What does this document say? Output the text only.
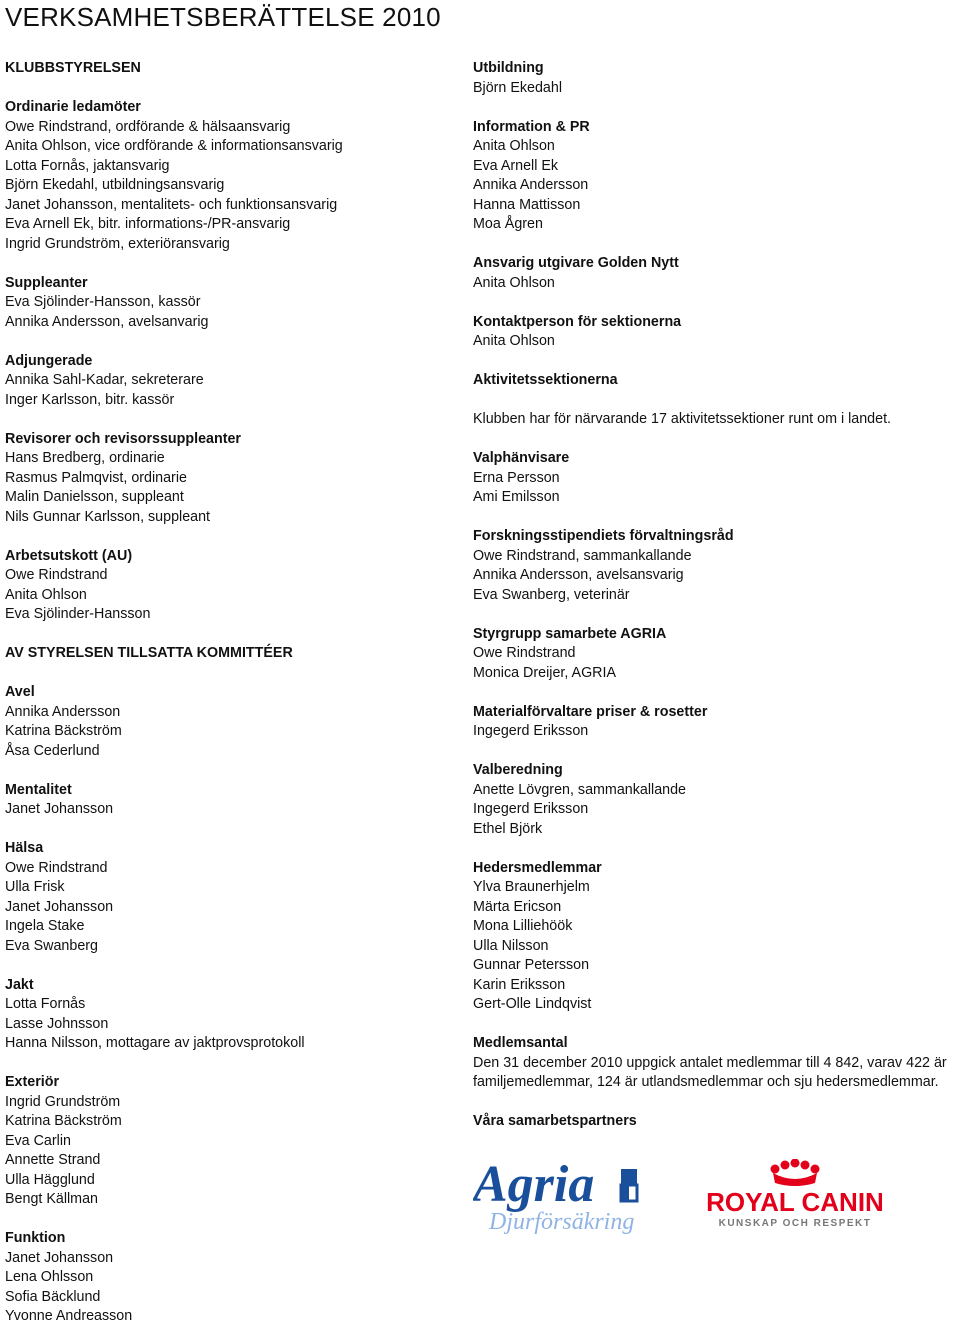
VERKSAMHETSBERÄTTELSE 2010
KLUBBSTYRELSEN
Ordinarie ledamöter
Owe Rindstrand, ordförande & hälsaansvarig
Anita Ohlson, vice ordförande & informationsansvarig
Lotta Fornås, jaktansvarig
Björn Ekedahl, utbildningsansvarig
Janet Johansson, mentalitets- och funktionsansvarig
Eva Arnell Ek, bitr. informations-/PR-ansvarig
Ingrid Grundström, exteriöransvarig
Suppleanter
Eva Sjölinder-Hansson, kassör
Annika Andersson, avelsanvarig
Adjungerade
Annika Sahl-Kadar, sekreterare
Inger Karlsson, bitr. kassör
Revisorer och revisorssuppleanter
Hans Bredberg, ordinarie
Rasmus Palmqvist, ordinarie
Malin Danielsson, suppleant
Nils Gunnar Karlsson, suppleant
Arbetsutskott (AU)
Owe Rindstrand
Anita Ohlson
Eva Sjölinder-Hansson
AV STYRELSEN TILLSATTA KOMMITTÉER
Avel
Annika Andersson
Katrina Bäckström
Åsa Cederlund
Mentalitet
Janet Johansson
Hälsa
Owe Rindstrand
Ulla Frisk
Janet Johansson
Ingela Stake
Eva Swanberg
Jakt
Lotta Fornås
Lasse Johnsson
Hanna Nilsson, mottagare av jaktprovsprotokoll
Exteriör
Ingrid Grundström
Katrina Bäckström
Eva Carlin
Annette Strand
Ulla Hägglund
Bengt Källman
Funktion
Janet Johansson
Lena Ohlsson
Sofia Bäcklund
Yvonne Andreasson
Utbildning
Björn Ekedahl
Information & PR
Anita Ohlson
Eva Arnell Ek
Annika Andersson
Hanna Mattisson
Moa Ågren
Ansvarig utgivare Golden Nytt
Anita Ohlson
Kontaktperson för sektionerna
Anita Ohlson
Aktivitetssektionerna
Klubben har för närvarande 17 aktivitetssektioner runt om i landet.
Valphänvisare
Erna Persson
Ami Emilsson
Forskningsstipendiets förvaltningsråd
Owe Rindstrand, sammankallande
Annika Andersson, avelsansvarig
Eva Swanberg, veterinär
Styrgrupp samarbete AGRIA
Owe Rindstrand
Monica Dreijer, AGRIA
Materialförvaltare priser & rosetter
Ingegerd Eriksson
Valberedning
Anette Lövgren, sammankallande
Ingegerd Eriksson
Ethel Björk
Hedersmedlemmar
Ylva Braunerhjelm
Märta Ericson
Mona Lilliehöök
Ulla Nilsson
Gunnar Petersson
Karin Eriksson
Gert-Olle Lindqvist
Medlemsantal
Den 31 december 2010 uppgick antalet medlemmar till 4 842, varav 422 är
familjemedlemmar, 124 är utlandsmedlemmar och sju hedersmedlemmar.
Våra samarbetspartners
Agria
Djurförsäkring
ROYAL CANIN
KUNSKAP OCH RESPEKT
